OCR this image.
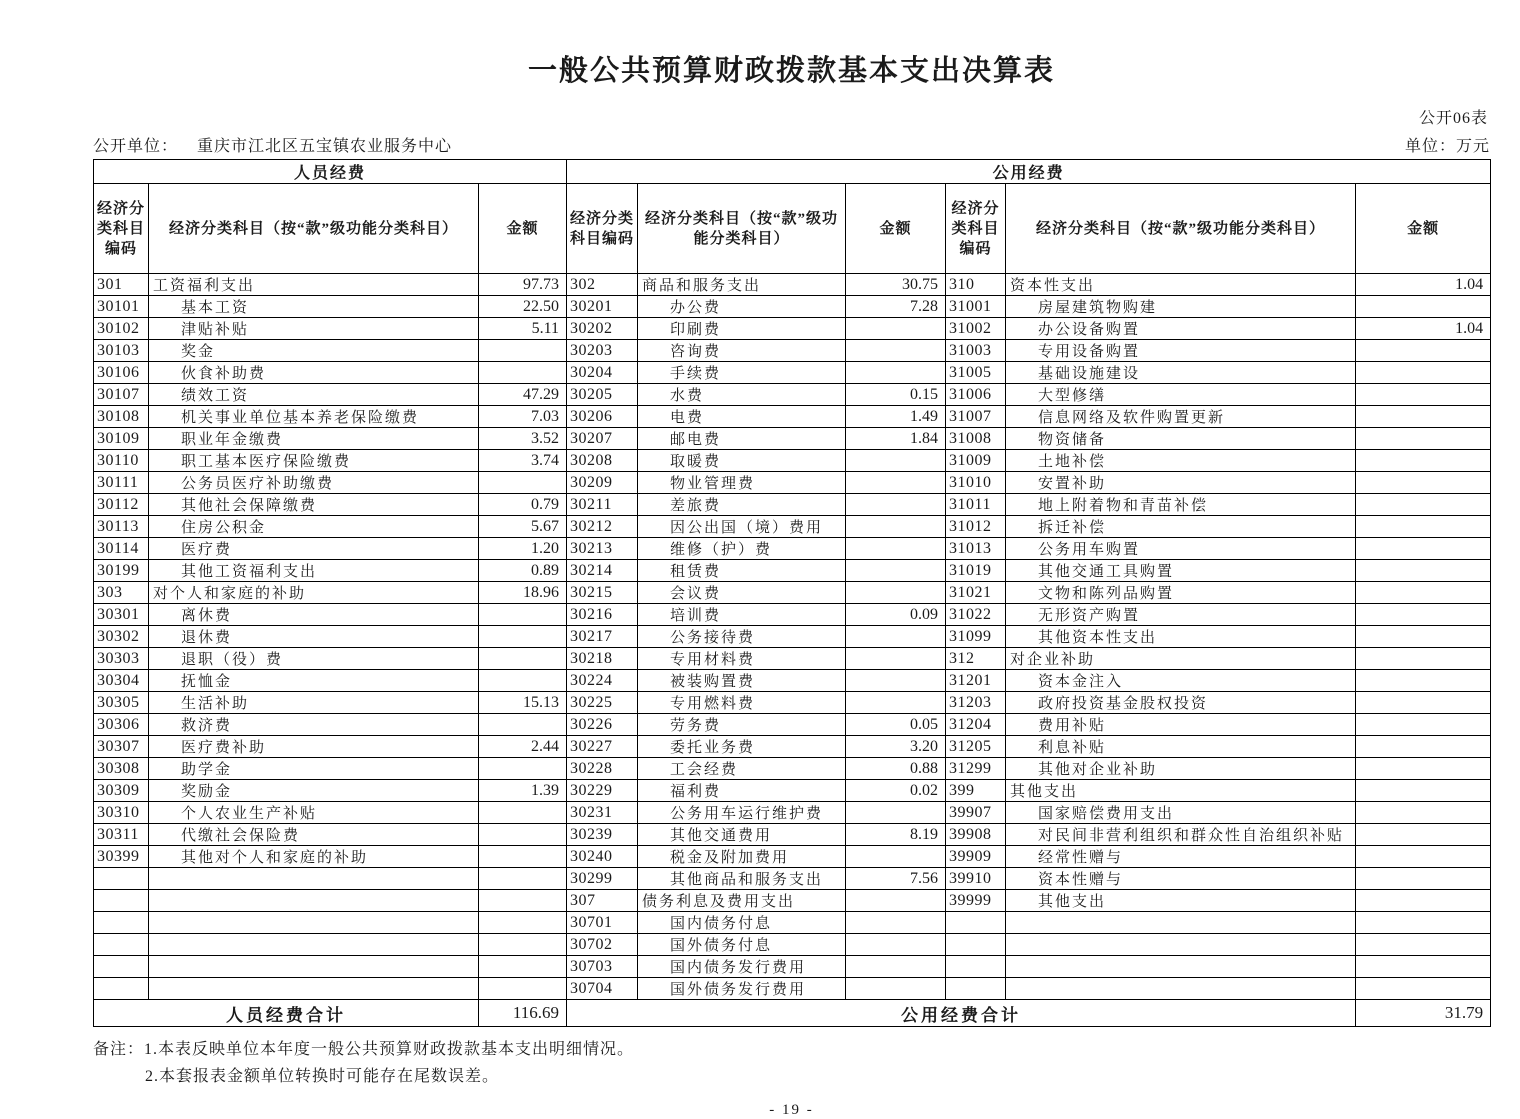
一般公共预算财政拨款基本支出决算表
公开06表
公开单位： 重庆市江北区五宝镇农业服务中心	单位：万元
人员经费			公用经费					
经济分类科目编码	经济分类科目（按“款”级功能分类科目）	金额	经济分类科目编码	经济分类科目（按“款”级功能分类科目）	金额	经济分类科目编码	经济分类科目（按“款”级功能分类科目）	金额
301	工资福利支出	97.73	302	商品和服务支出	30.75	310	资本性支出	1.04
30101	基本工资	22.50	30201	办公费	7.28	31001	房屋建筑物购建	
30102	津贴补贴	5.11	30202	印刷费		31002	办公设备购置	1.04
30103	奖金		30203	咨询费		31003	专用设备购置	
30106	伙食补助费		30204	手续费		31005	基础设施建设	
30107	绩效工资	47.29	30205	水费	0.15	31006	大型修缮	
30108	机关事业单位基本养老保险缴费	7.03	30206	电费	1.49	31007	信息网络及软件购置更新	
30109	职业年金缴费	3.52	30207	邮电费	1.84	31008	物资储备	
30110	职工基本医疗保险缴费	3.74	30208	取暖费		31009	土地补偿	
30111	公务员医疗补助缴费		30209	物业管理费		31010	安置补助	
30112	其他社会保障缴费	0.79	30211	差旅费		31011	地上附着物和青苗补偿	
30113	住房公积金	5.67	30212	因公出国（境）费用		31012	拆迁补偿	
30114	医疗费	1.20	30213	维修（护）费		31013	公务用车购置	
30199	其他工资福利支出	0.89	30214	租赁费		31019	其他交通工具购置	
303	对个人和家庭的补助	18.96	30215	会议费		31021	文物和陈列品购置	
30301	离休费		30216	培训费	0.09	31022	无形资产购置	
30302	退休费		30217	公务接待费		31099	其他资本性支出	
30303	退职（役）费		30218	专用材料费		312	对企业补助	
30304	抚恤金		30224	被装购置费		31201	资本金注入	
30305	生活补助	15.13	30225	专用燃料费		31203	政府投资基金股权投资	
30306	救济费		30226	劳务费	0.05	31204	费用补贴	
30307	医疗费补助	2.44	30227	委托业务费	3.20	31205	利息补贴	
30308	助学金		30228	工会经费	0.88	31299	其他对企业补助	
30309	奖励金	1.39	30229	福利费	0.02	399	其他支出	
30310	个人农业生产补贴		30231	公务用车运行维护费		39907	国家赔偿费用支出	
30311	代缴社会保险费		30239	其他交通费用	8.19	39908	对民间非营利组织和群众性自治组织补贴	
30399	其他对个人和家庭的补助		30240	税金及附加费用		39909	经常性赠与	
			30299	其他商品和服务支出	7.56	39910	资本性赠与	
			307	债务利息及费用支出		39999	其他支出	
			30701	国内债务付息				
			30702	国外债务付息				
			30703	国内债务发行费用				
			30704	国外债务发行费用				
人员经费合计		116.69	公用经费合计					31.79
备注：1.本表反映单位本年度一般公共预算财政拨款基本支出明细情况。
2.本套报表金额单位转换时可能存在尾数误差。
- 19 -
